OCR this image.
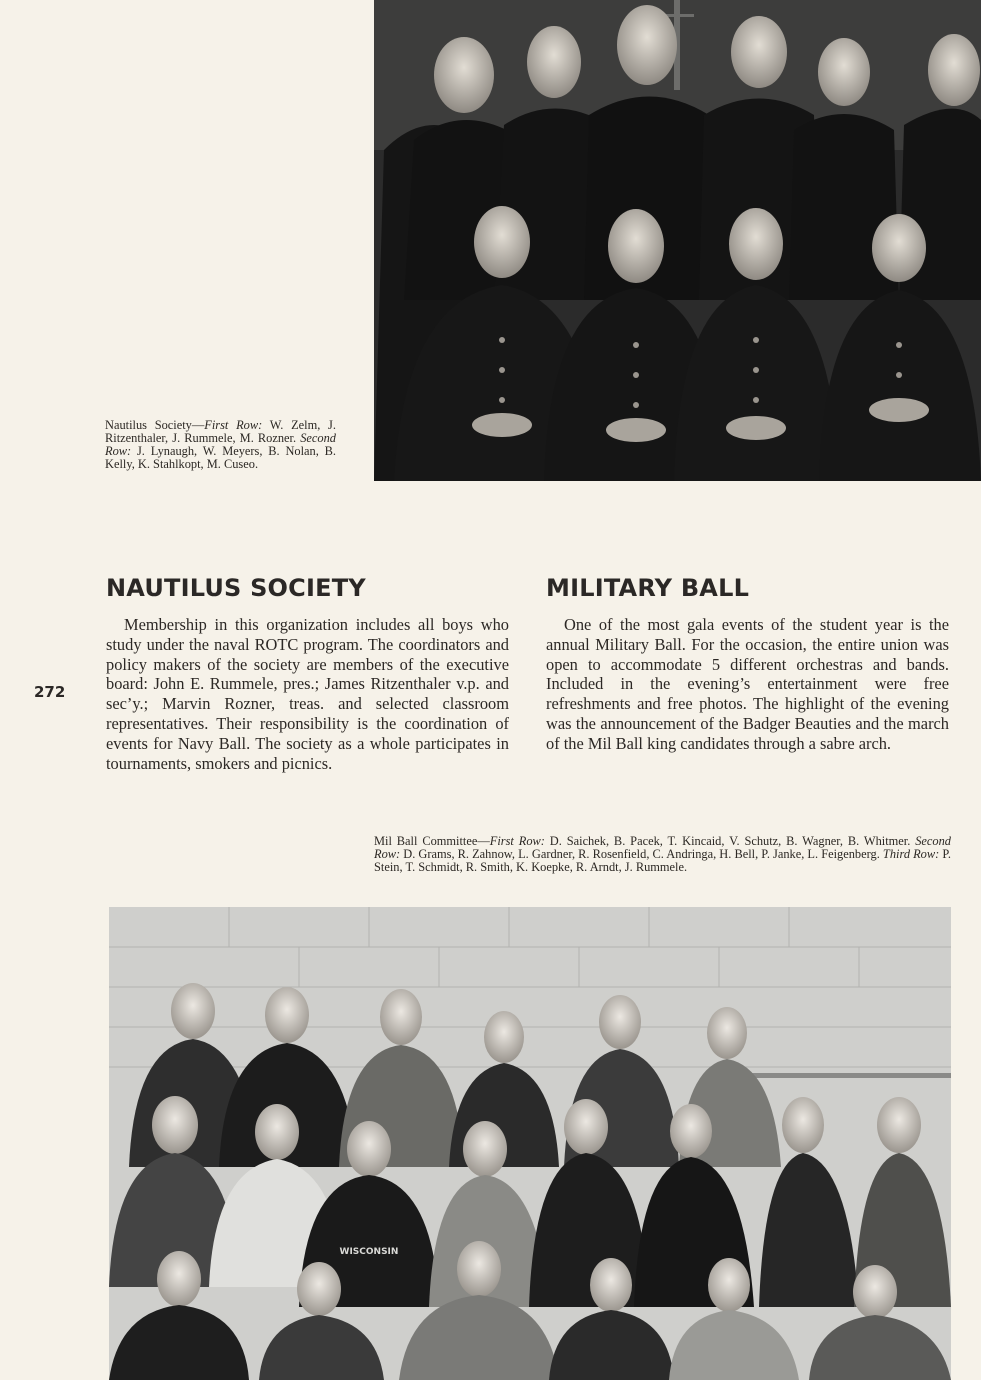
Nautilus Society—First Row: W. Zelm, J. Ritzenthaler, J. Rummele, M. Rozner. Second Row: J. Lynaugh, W. Meyers, B. Nolan, B. Kelly, K. Stahlkopt, M. Cuseo.
NAUTILUS SOCIETY	MILITARY BALL

Membership in this organization includes all boys who study under the naval ROTC program. The coordinators and policy makers of the society are members of the executive board: John E. Rummele, pres.; James Ritzenthaler v.p. and sec’y.; Marvin Rozner, treas. and selected classroom representatives. Their responsibility is the coordination of events for Navy Ball. The society as a whole participates in tournaments, smokers and picnics.

One of the most gala events of the student year is the annual Military Ball. For the occasion, the entire union was open to accommodate 5 different orchestras and bands. Included in the evening’s entertainment were free refreshments and free photos. The highlight of the evening was the announcement of the Badger Beauties and the march of the Mil Ball king candidates through a sabre arch.

272
Mil Ball Committee—First Row: D. Saichek, B. Pacek, T. Kincaid, V. Schutz, B. Wagner, B. Whitmer. Second Row: D. Grams, R. Zahnow, L. Gardner, R. Rosenfield, C. Andringa, H. Bell, P. Janke, L. Feigenberg. Third Row: P. Stein, T. Schmidt, R. Smith, K. Koepke, R. Arndt, J. Rummele.
WISCONSIN
